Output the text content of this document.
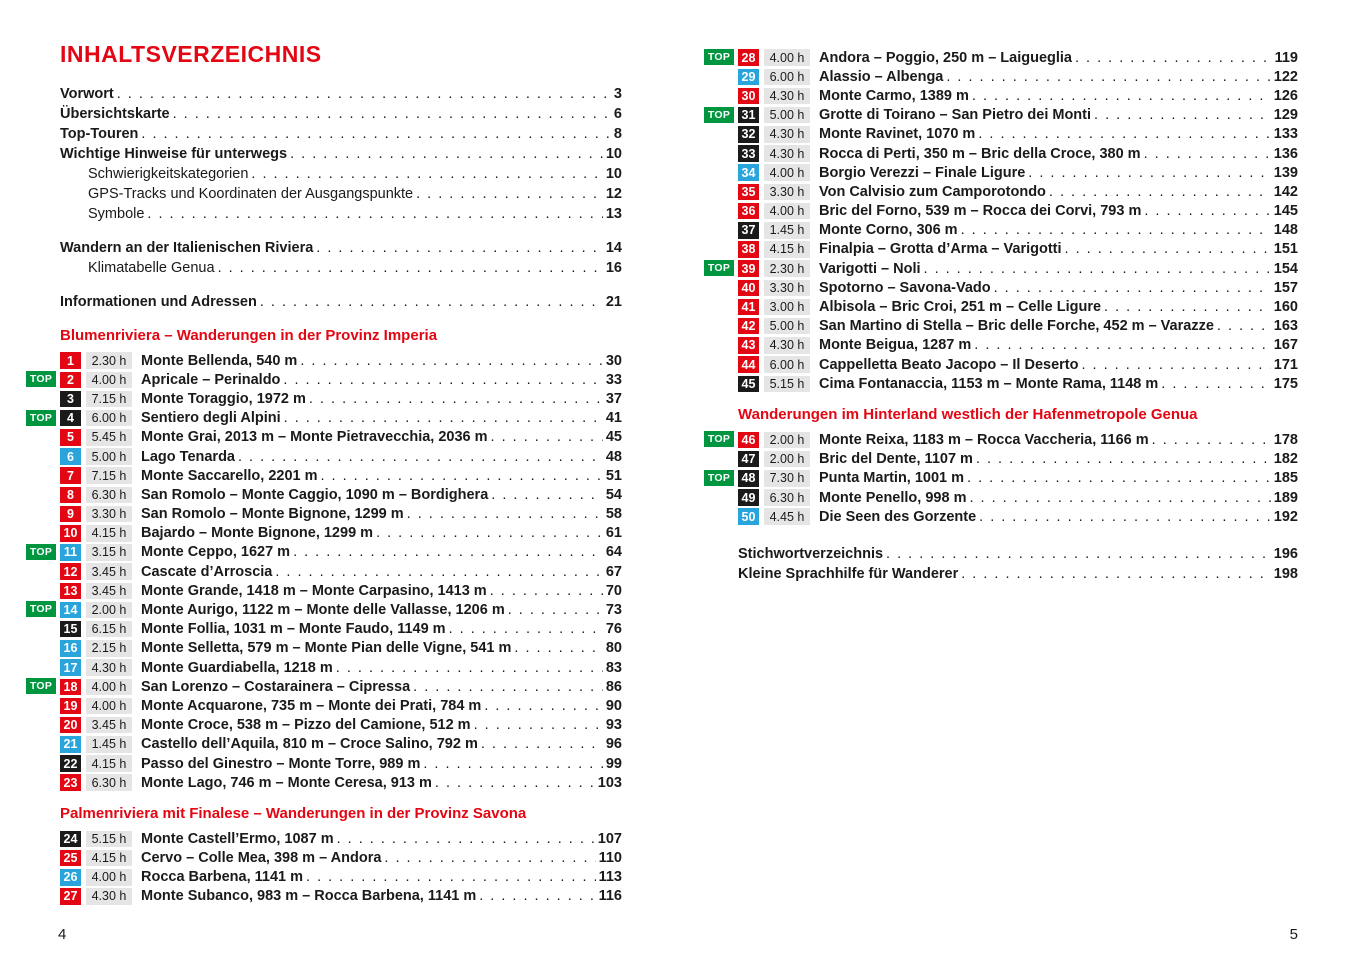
INHALTSVERZEICHNIS
Vorwort . . .	3
Übersichtskarte . . .	6
Top-Touren . . .	8
Wichtige Hinweise für unterwegs . . .	10
Schwierigkeitskategorien . . .	10
GPS-Tracks und Koordinaten der Ausgangspunkte . . .	12
Symbole . . .	13
Wandern an der Italienischen Riviera . . .	14
Klimatabelle Genua . . .	16
Informationen und Adressen . . .	21
Blumenriviera – Wanderungen in der Provinz Imperia
1	2.30 h	Monte Bellenda, 540 m . . .	30
TOP	2	4.00 h	Apricale – Perinaldo . . .	33
3	7.15 h	Monte Toraggio, 1972 m . . .	37
TOP	4	6.00 h	Sentiero degli Alpini . . .	41
5	5.45 h	Monte Grai, 2013 m – Monte Pietravecchia, 2036 m . . .	45
6	5.00 h	Lago Tenarda . . .	48
7	7.15 h	Monte Saccarello, 2201 m . . .	51
8	6.30 h	San Romolo – Monte Caggio, 1090 m – Bordighera . . .	54
9	3.30 h	San Romolo – Monte Bignone, 1299 m . . .	58
10	4.15 h	Bajardo – Monte Bignone, 1299 m . . .	61
TOP 11	3.15 h	Monte Ceppo, 1627 m . . .	64
12	3.45 h	Cascate d’Arroscia . . .	67
13	3.45 h	Monte Grande, 1418 m – Monte Carpasino, 1413 m . . .	70
TOP 14	2.00 h	Monte Aurigo, 1122 m – Monte delle Vallasse, 1206 m . . .	73
15	6.15 h	Monte Follia, 1031 m – Monte Faudo, 1149 m . . .	76
16	2.15 h	Monte Selletta, 579 m – Monte Pian delle Vigne, 541 m . . .	80
17	4.30 h	Monte Guardiabella, 1218 m . . .	83
TOP 18	4.00 h	San Lorenzo – Costarainera – Cipressa . . .	86
19	4.00 h	Monte Acquarone, 735 m – Monte dei Prati, 784 m . . .	90
20	3.45 h	Monte Croce, 538 m – Pizzo del Camione, 512 m . . .	93
21	1.45 h	Castello dell’Aquila, 810 m – Croce Salino, 792 m . . .	96
22	4.15 h	Passo del Ginestro – Monte Torre, 989 m . . .	99
23	6.30 h	Monte Lago, 746 m – Monte Ceresa, 913 m . . .	103
Palmenriviera mit Finalese – Wanderungen in der Provinz Savona
24	5.15 h	Monte Castell’Ermo, 1087 m . . .	107
25	4.15 h	Cervo – Colle Mea, 398 m – Andora . . .	110
26	4.00 h	Rocca Barbena, 1141 m . . .	113
27	4.30 h	Monte Subanco, 983 m – Rocca Barbena, 1141 m . . .	116
TOP 28	4.00 h	Andora – Poggio, 250 m – Laigueglia . . .	119
29	6.00 h	Alassio – Albenga . . .	122
30	4.30 h	Monte Carmo, 1389 m . . .	126
TOP 31	5.00 h	Grotte di Toirano – San Pietro dei Monti . . .	129
32	4.30 h	Monte Ravinet, 1070 m . . .	133
33	4.30 h	Rocca di Perti, 350 m – Bric della Croce, 380 m . . .	136
34	4.00 h	Borgio Verezzi – Finale Ligure . . .	139
35	3.30 h	Von Calvisio zum Camporotondo . . .	142
36	4.00 h	Bric del Forno, 539 m – Rocca dei Corvi, 793 m . . .	145
37	1.45 h	Monte Corno, 306 m . . .	148
38	4.15 h	Finalpia – Grotta d’Arma – Varigotti . . .	151
TOP 39	2.30 h	Varigotti – Noli . . .	154
40	3.30 h	Spotorno – Savona-Vado . . .	157
41	3.00 h	Albisola – Bric Croi, 251 m – Celle Ligure . . .	160
42	5.00 h	San Martino di Stella – Bric delle Forche, 452 m – Varazze . . .	163
43	4.30 h	Monte Beigua, 1287 m . . .	167
44	6.00 h	Cappelletta Beato Jacopo – Il Deserto . . .	171
45	5.15 h	Cima Fontanaccia, 1153 m – Monte Rama, 1148 m . . .	175
Wanderungen im Hinterland westlich der Hafenmetropole Genua
TOP 46	2.00 h	Monte Reixa, 1183 m – Rocca Vaccheria, 1166 m . . .	178
47	2.00 h	Bric del Dente, 1107 m . . .	182
TOP 48	7.30 h	Punta Martin, 1001 m . . .	185
49	6.30 h	Monte Penello, 998 m . . .	189
50	4.45 h	Die Seen des Gorzente . . .	192
Stichwortverzeichnis . . .	196
Kleine Sprachhilfe für Wanderer . . .	198
4	5
